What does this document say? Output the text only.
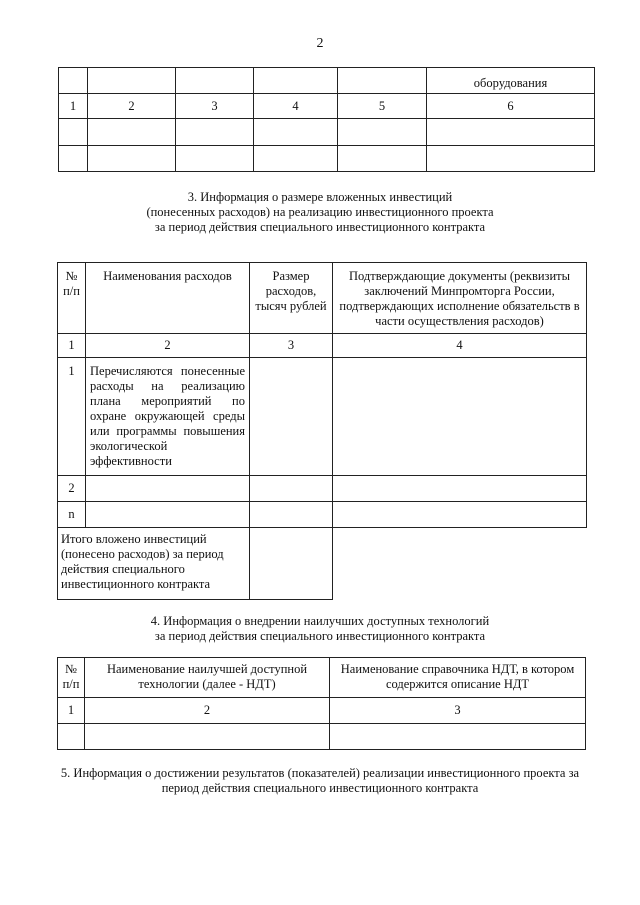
2
					оборудования
1	2	3	4	5	6

3. Информация о размере вложенных инвестиций
(понесенных расходов) на реализацию инвестиционного проекта
за период действия специального инвестиционного контракта
№ п/п	Наименования расходов	Размер расходов, тысяч рублей	Подтверждающие документы (реквизиты заключений Минпромторга России, подтверждающих исполнение обязательств в части осуществления расходов)
1	2	3	4
1	Перечисляются понесенные расходы на реализацию плана мероприятий по охране окружающей среды или программы повышения экологической эффективности		
2			
n			
Итого вложено инвестиций (понесено расходов) за период действия специального инвестиционного контракта			
4. Информация о внедрении наилучших доступных технологий
за период действия специального инвестиционного контракта
№ п/п	Наименование наилучшей доступной технологии (далее - НДТ)	Наименование справочника НДТ, в котором содержится описание НДТ
1	2	3

5. Информация о достижении результатов (показателей) реализации инвестиционного проекта за
период действия специального инвестиционного контракта
